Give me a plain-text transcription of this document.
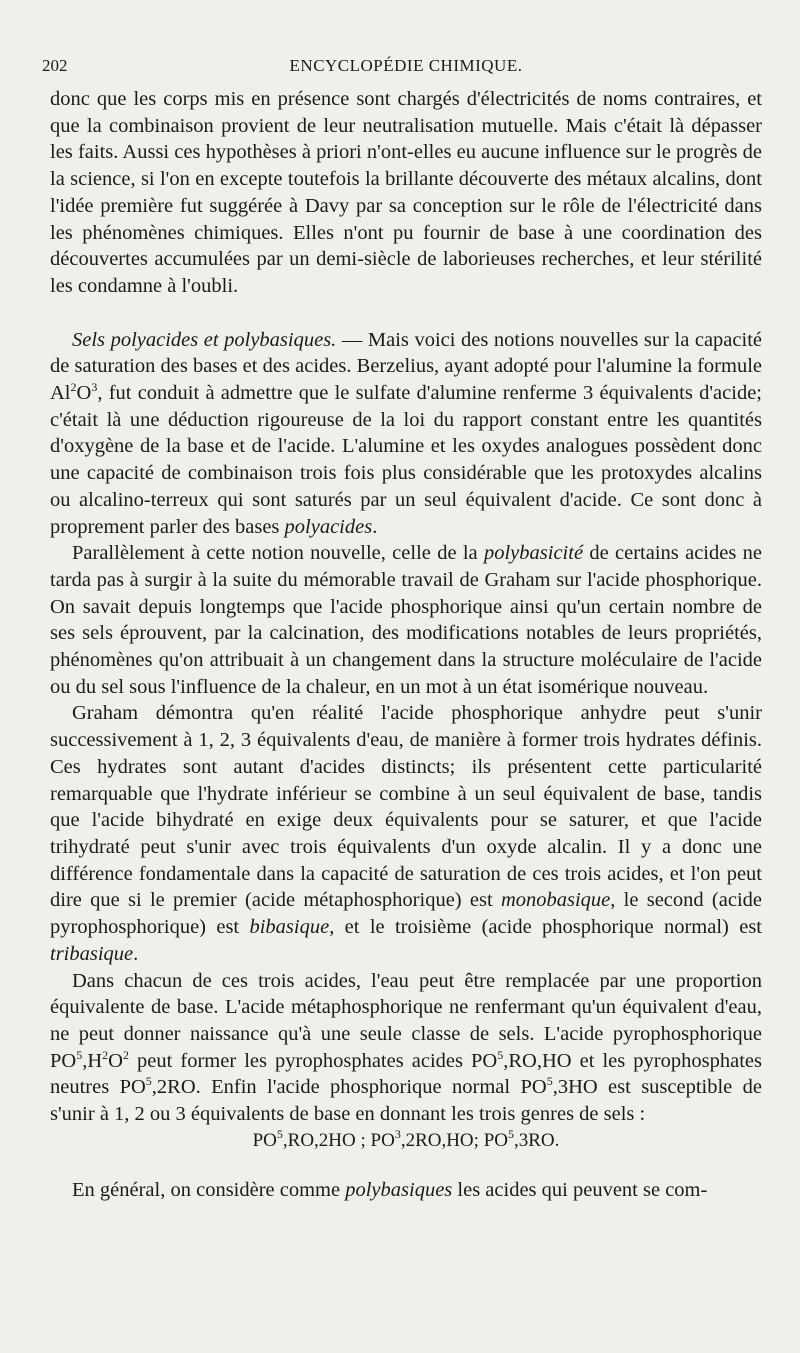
202	ENCYCLOPÉDIE CHIMIQUE.

donc que les corps mis en présence sont chargés d'électricités de noms contraires, et que la combinaison provient de leur neutralisation mutuelle. Mais c'était là dépasser les faits. Aussi ces hypothèses à priori n'ont-elles eu aucune influence sur le progrès de la science, si l'on en excepte toutefois la brillante découverte des métaux alcalins, dont l'idée première fut suggérée à Davy par sa conception sur le rôle de l'électricité dans les phénomènes chimiques. Elles n'ont pu fournir de base à une coordination des découvertes accumulées par un demi-siècle de laborieuses recherches, et leur stérilité les condamne à l'oubli.

Sels polyacides et polybasiques. — Mais voici des notions nouvelles sur la capacité de saturation des bases et des acides. Berzelius, ayant adopté pour l'alumine la formule $Al^2O^3$, fut conduit à admettre que le sulfate d'alumine renferme 3 équivalents d'acide; c'était là une déduction rigoureuse de la loi du rapport constant entre les quantités d'oxygène de la base et de l'acide. L'alumine et les oxydes analogues possèdent donc une capacité de combinaison trois fois plus considérable que les protoxydes alcalins ou alcalino-terreux qui sont saturés par un seul équivalent d'acide. Ce sont donc à proprement parler des bases polyacides.

Parallèlement à cette notion nouvelle, celle de la polybasicité de certains acides ne tarda pas à surgir à la suite du mémorable travail de Graham sur l'acide phosphorique. On savait depuis longtemps que l'acide phosphorique ainsi qu'un certain nombre de ses sels éprouvent, par la calcination, des modifications notables de leurs propriétés, phénomènes qu'on attribuait à un changement dans la structure moléculaire de l'acide ou du sel sous l'influence de la chaleur, en un mot à un état isomérique nouveau.

Graham démontra qu'en réalité l'acide phosphorique anhydre peut s'unir successivement à 1, 2, 3 équivalents d'eau, de manière à former trois hydrates définis. Ces hydrates sont autant d'acides distincts; ils présentent cette particularité remarquable que l'hydrate inférieur se combine à un seul équivalent de base, tandis que l'acide bihydraté en exige deux équivalents pour se saturer, et que l'acide trihydraté peut s'unir avec trois équivalents d'un oxyde alcalin. Il y a donc une différence fondamentale dans la capacité de saturation de ces trois acides, et l'on peut dire que si le premier (acide métaphosphorique) est monobasique, le second (acide pyrophosphorique) est bibasique, et le troisième (acide phosphorique normal) est tribasique.

Dans chacun de ces trois acides, l'eau peut être remplacée par une proportion équivalente de base. L'acide métaphosphorique ne renfermant qu'un équivalent d'eau, ne peut donner naissance qu'à une seule classe de sels. L'acide pyrophosphorique $PO^5,H^2O^2$ peut former les pyrophosphates acides $PO^5,RO,HO$ et les pyrophosphates neutres $PO^5,2RO$. Enfin l'acide phosphorique normal $PO^5,3HO$ est susceptible de s'unir à 1, 2 ou 3 équivalents de base en donnant les trois genres de sels :

$PO^5,RO,2HO$ ; $PO^3,2RO,HO$; $PO^5,3RO$.

En général, on considère comme polybasiques les acides qui peuvent se com-
